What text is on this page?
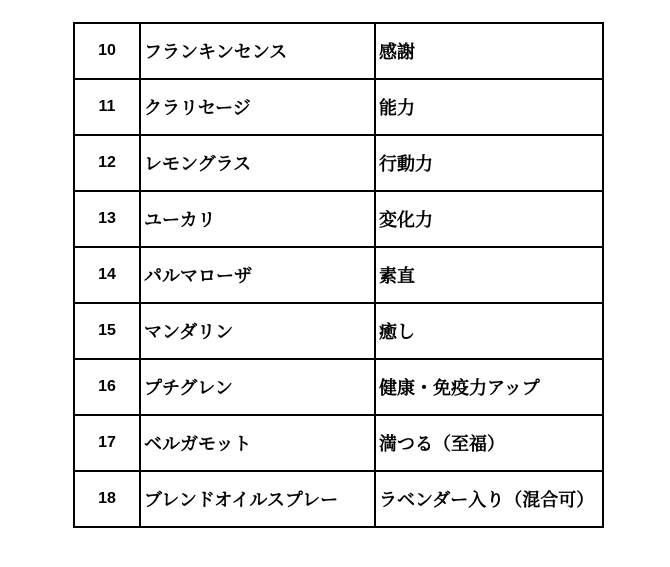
10	フランキンセンス	感謝
11	クラリセージ	能力
12	レモングラス	行動力
13	ユーカリ	変化力
14	パルマローザ	素直
15	マンダリン	癒し
16	プチグレン	健康・免疫力アップ
17	ベルガモット	満つる（至福）
18	ブレンドオイルスプレー	ラベンダー入り（混合可）
